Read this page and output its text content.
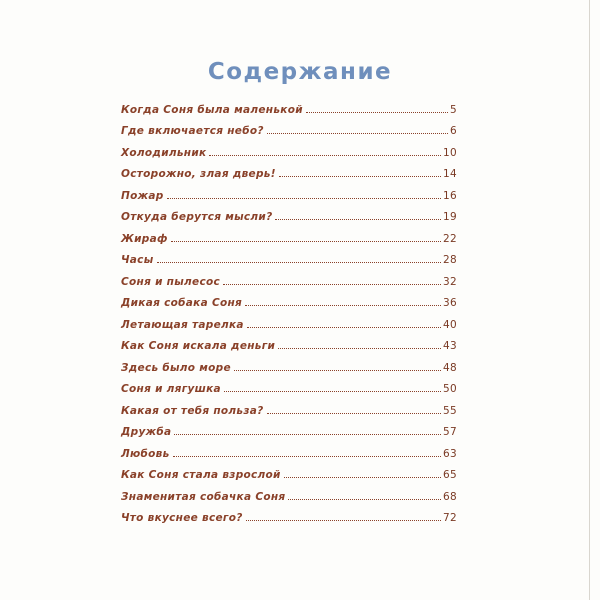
Содержание
Когда Соня была маленькой	5
Где включается небо?	6
Холодильник	10
Осторожно, злая дверь!	14
Пожар	16
Откуда берутся мысли?	19
Жираф	22
Часы	28
Соня и пылесос	32
Дикая собака Соня	36
Летающая тарелка	40
Как Соня искала деньги	43
Здесь было море	48
Соня и лягушка	50
Какая от тебя польза?	55
Дружба	57
Любовь	63
Как Соня стала взрослой	65
Знаменитая собачка Соня	68
Что вкуснее всего?	72
